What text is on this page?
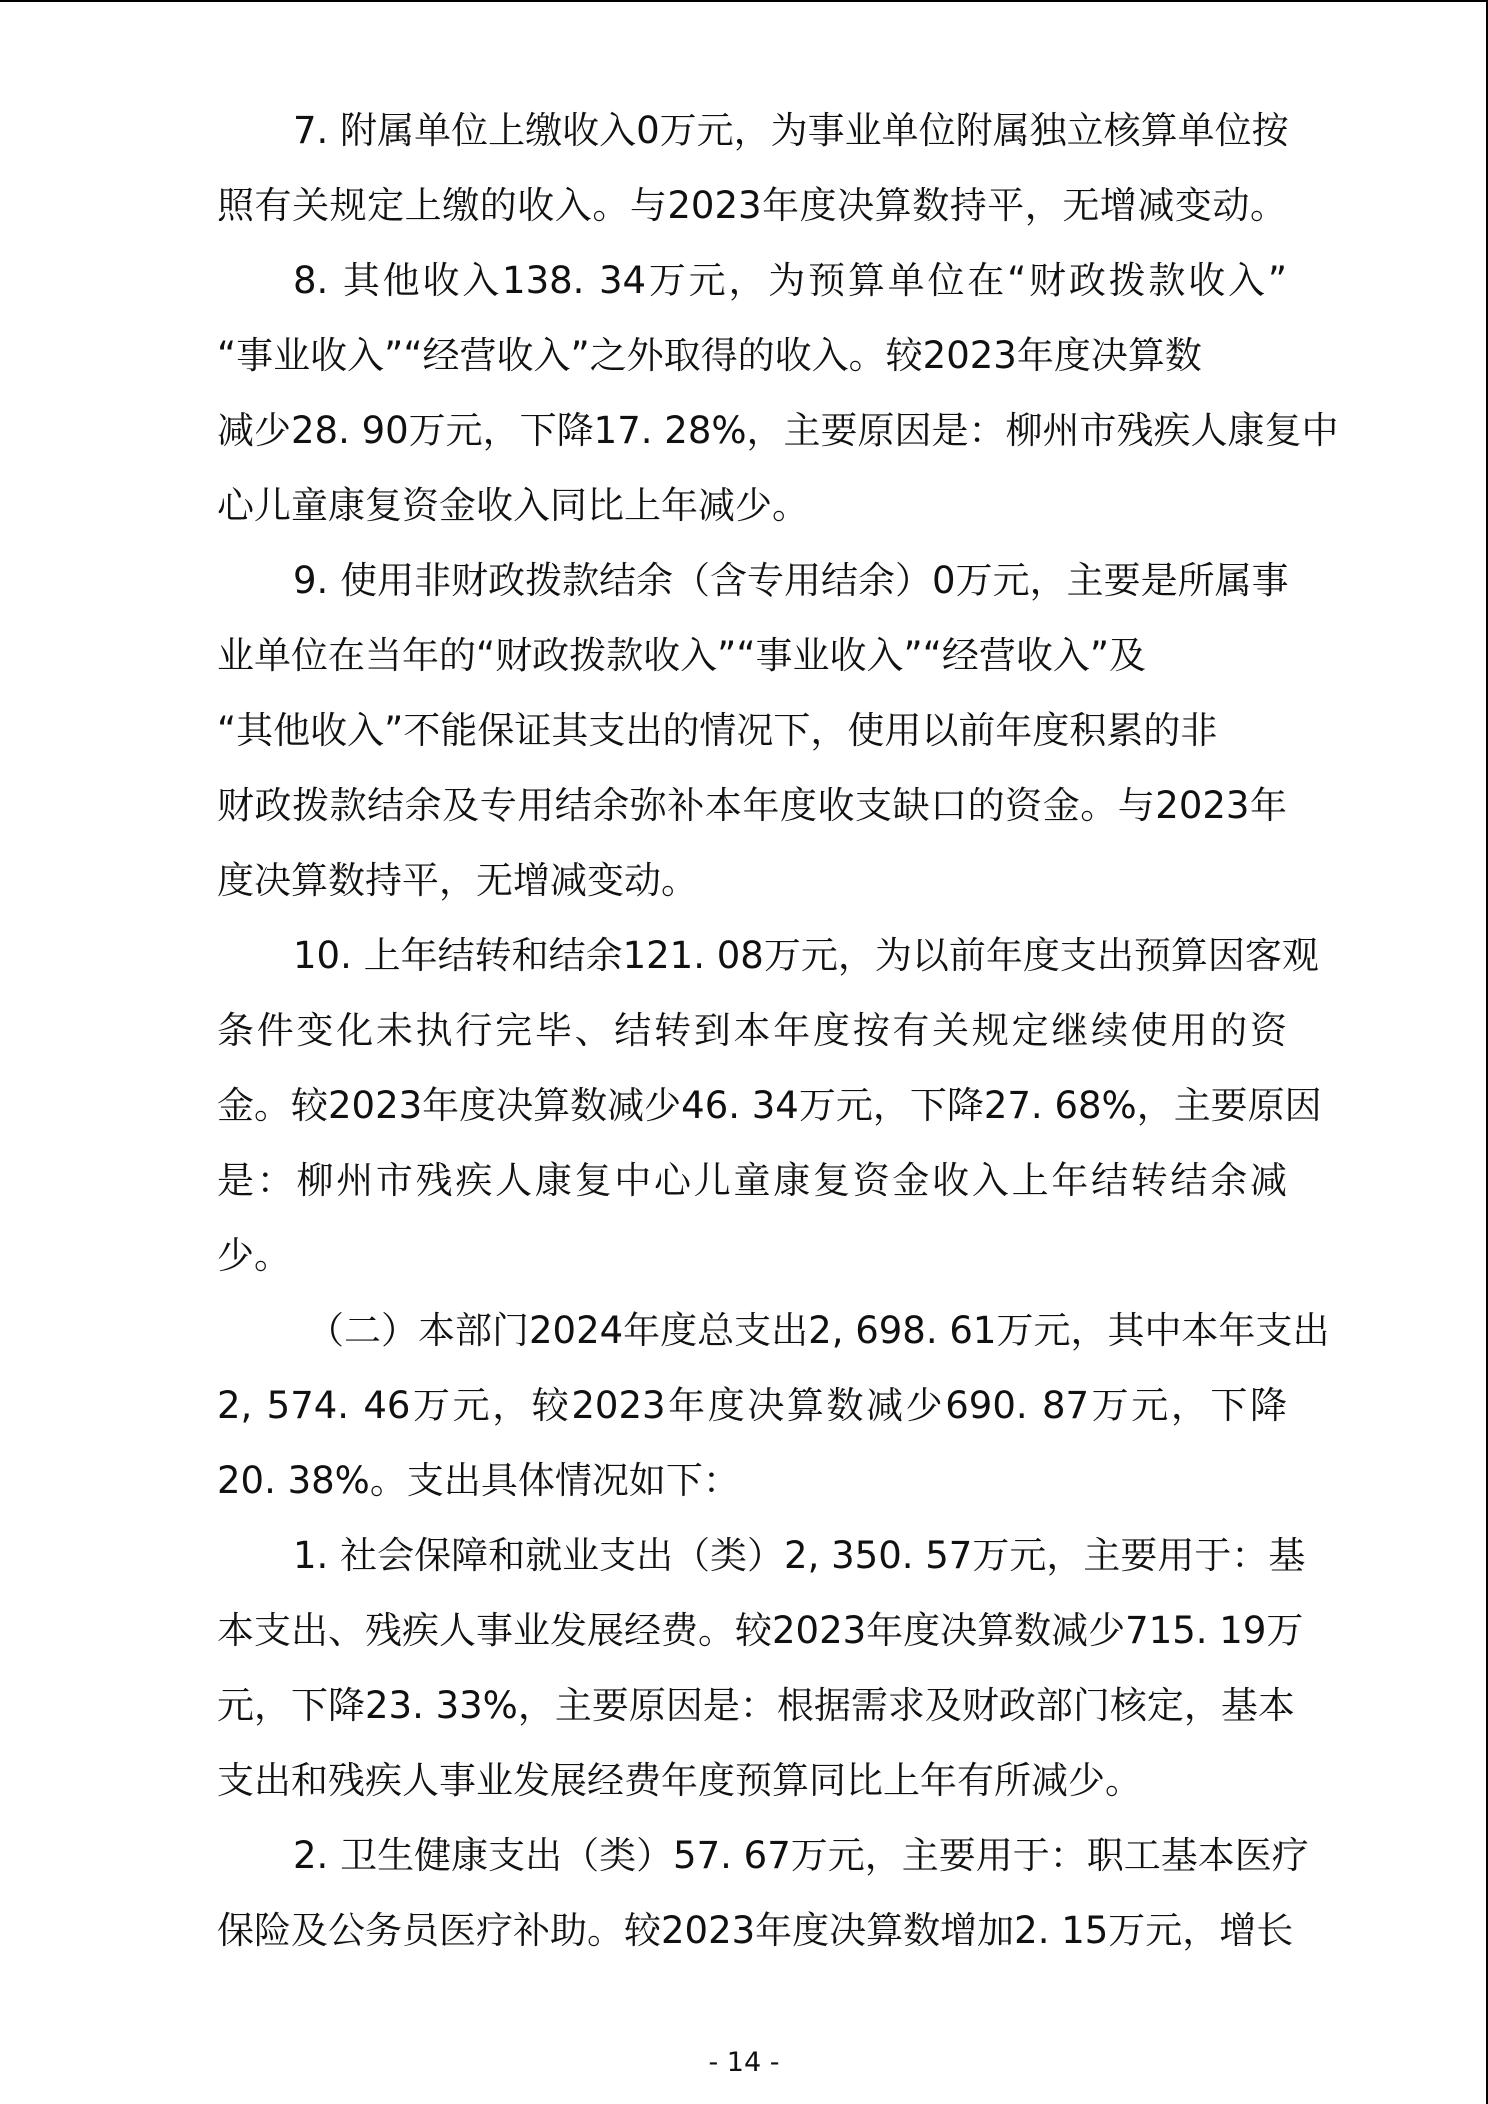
7. 附属单位上缴收入0万元，为事业单位附属独立核算单位按
照有关规定上缴的收入。与2023年度决算数持平，无增减变动。
8. 其他收入138. 34万元，为预算单位在“财政拨款收入”
“事业收入”“经营收入”之外取得的收入。较2023年度决算数
减少28. 90万元，下降17. 28%，主要原因是：柳州市残疾人康复中
心儿童康复资金收入同比上年减少。
9. 使用非财政拨款结余（含专用结余）0万元，主要是所属事
业单位在当年的“财政拨款收入”“事业收入”“经营收入”及
“其他收入”不能保证其支出的情况下，使用以前年度积累的非
财政拨款结余及专用结余弥补本年度收支缺口的资金。与2023年
度决算数持平，无增减变动。
10. 上年结转和结余121. 08万元，为以前年度支出预算因客观
条件变化未执行完毕、结转到本年度按有关规定继续使用的资
金。较2023年度决算数减少46. 34万元，下降27. 68%，主要原因
是：柳州市残疾人康复中心儿童康复资金收入上年结转结余减
少。
（二）本部门2024年度总支出2, 698. 61万元，其中本年支出
2, 574. 46万元，较2023年度决算数减少690. 87万元，下降
20. 38%。支出具体情况如下：
1. 社会保障和就业支出（类）2, 350. 57万元，主要用于：基
本支出、残疾人事业发展经费。较2023年度决算数减少715. 19万
元，下降23. 33%，主要原因是：根据需求及财政部门核定，基本
支出和残疾人事业发展经费年度预算同比上年有所减少。
2. 卫生健康支出（类）57. 67万元，主要用于：职工基本医疗
保险及公务员医疗补助。较2023年度决算数增加2. 15万元，增长
- 14 -
